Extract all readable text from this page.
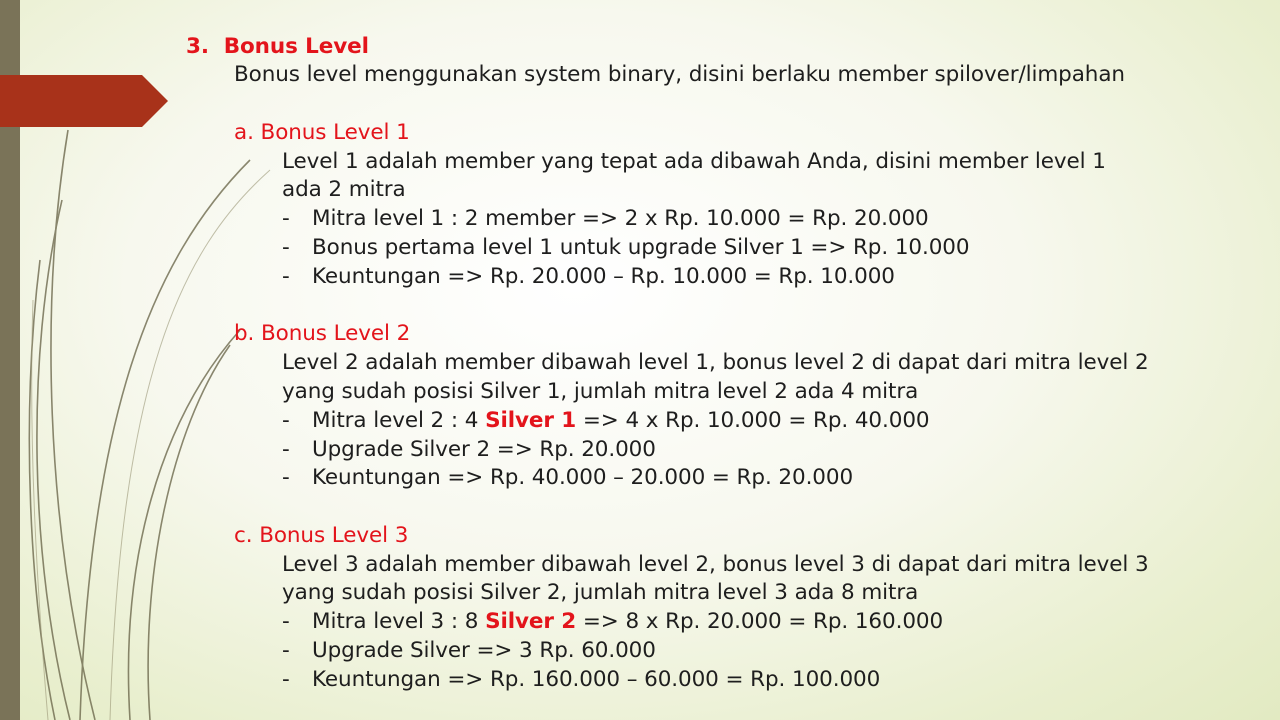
3. Bonus Level
Bonus level menggunakan system binary, disini berlaku member spilover/limpahan
a. Bonus Level 1
Level 1 adalah member yang tepat ada dibawah Anda, disini member level 1
ada 2 mitra
- Mitra level 1 : 2 member => 2 x Rp. 10.000 = Rp. 20.000
- Bonus pertama level 1 untuk upgrade Silver 1 => Rp. 10.000
- Keuntungan => Rp. 20.000 – Rp. 10.000 = Rp. 10.000
b. Bonus Level 2
Level 2 adalah member dibawah level 1, bonus level 2 di dapat dari mitra level 2
yang sudah posisi Silver 1, jumlah mitra level 2 ada 4 mitra
- Mitra level 2 : 4 Silver 1 => 4 x Rp. 10.000 = Rp. 40.000
- Upgrade Silver 2 => Rp. 20.000
- Keuntungan => Rp. 40.000 – 20.000 = Rp. 20.000
c. Bonus Level 3
Level 3 adalah member dibawah level 2, bonus level 3 di dapat dari mitra level 3
yang sudah posisi Silver 2, jumlah mitra level 3 ada 8 mitra
- Mitra level 3 : 8 Silver 2 => 8 x Rp. 20.000 = Rp. 160.000
- Upgrade Silver => 3 Rp. 60.000
- Keuntungan => Rp. 160.000 – 60.000 = Rp. 100.000
